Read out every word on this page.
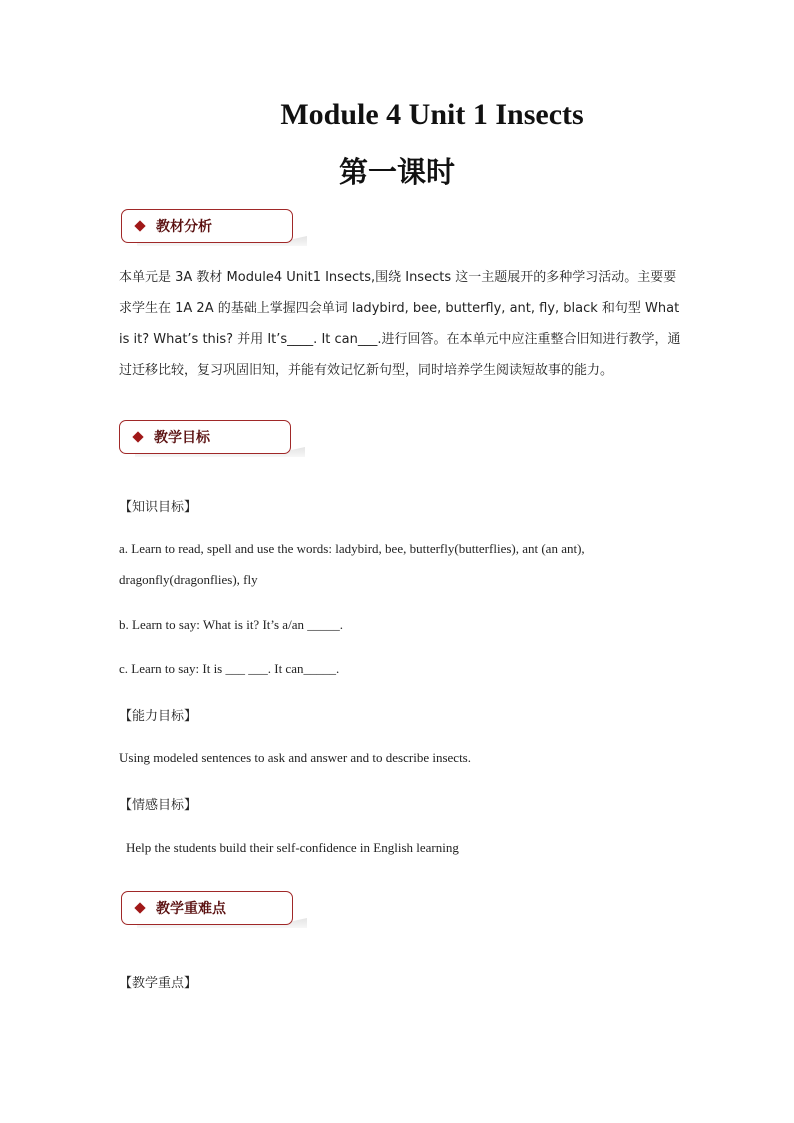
Module 4 Unit 1 Insects
第一课时
教材分析
本单元是 3A 教材 Module4 Unit1 Insects,围绕 Insects 这一主题展开的多种学习活动。主要要求学生在 1A 2A 的基础上掌握四会单词 ladybird, bee, butterfly, ant, fly, black 和句型 What is it? What’s this? 并用 It’s____. It can___.进行回答。在本单元中应注重整合旧知进行教学，通过迁移比较，复习巩固旧知，并能有效记忆新句型，同时培养学生阅读短故事的能力。
教学目标
【知识目标】
a. Learn to read, spell and use the words: ladybird, bee, butterfly(butterflies), ant (an ant), dragonfly(dragonflies), fly
b. Learn to say: What is it? It’s a/an _____.
c. Learn to say: It is ___ ___. It can_____.
【能力目标】
Using modeled sentences to ask and answer and to describe insects.
【情感目标】
Help the students build their self-confidence in English learning
教学重难点
【教学重点】
